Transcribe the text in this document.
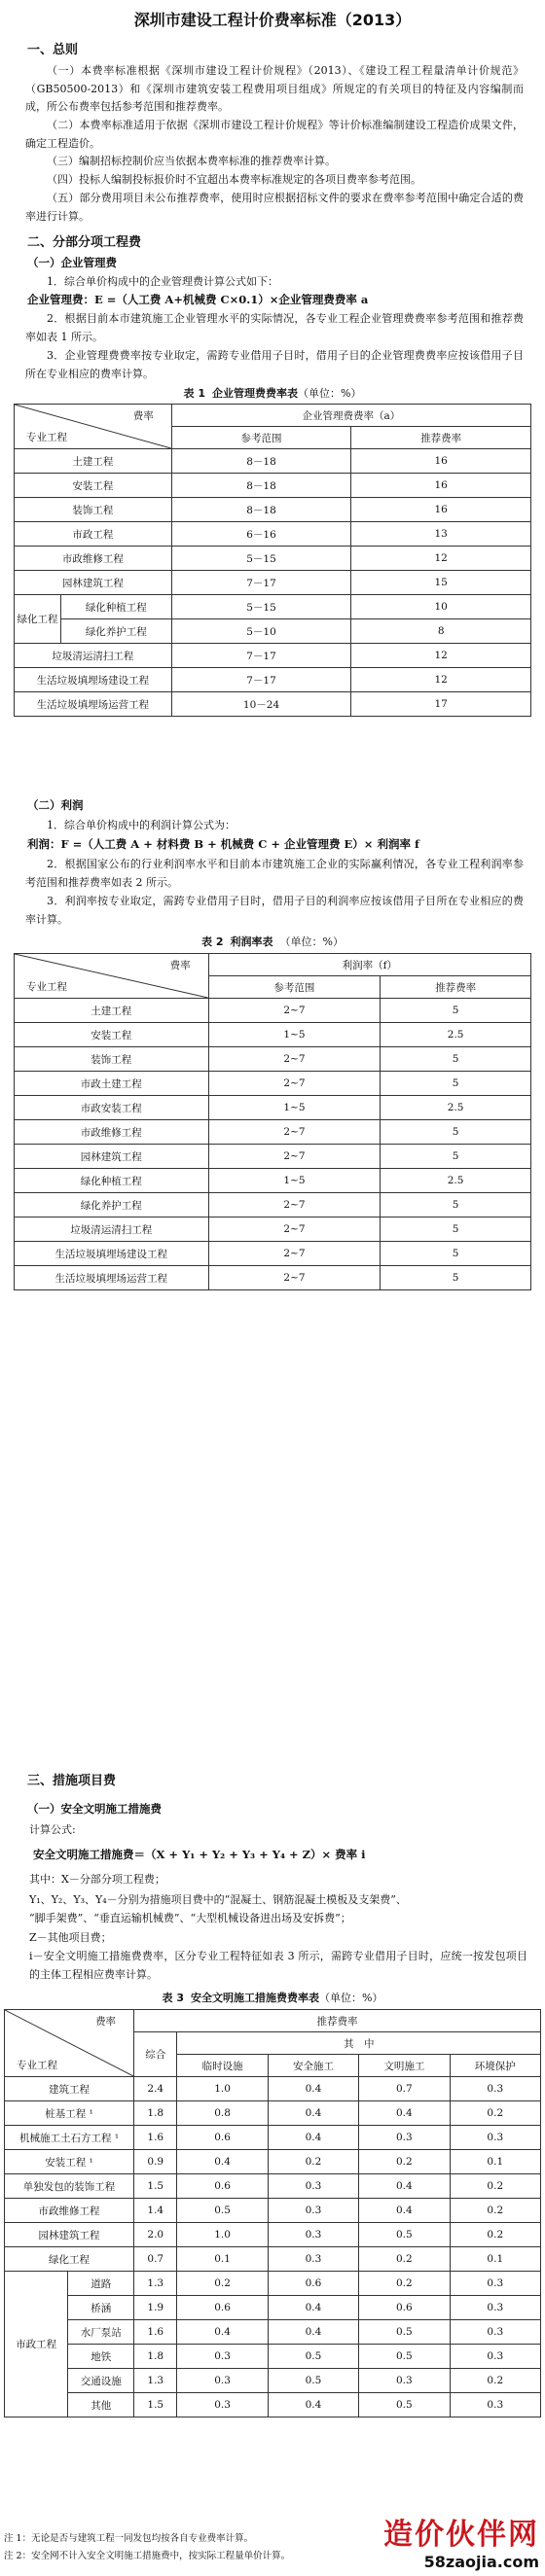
深圳市建设工程计价费率标准（2013）
一、总则
（一）本费率标准根据《深圳市建设工程计价规程》（2013）、《建设工程工程量清单计价规范》（GB50500-2013）和《深圳市建筑安装工程费用项目组成》所规定的有关项目的特征及内容编制而成，所公布费率包括参考范围和推荐费率。
（二）本费率标准适用于依据《深圳市建设工程计价规程》等计价标准编制建设工程造价成果文件，确定工程造价。
（三）编制招标控制价应当依据本费率标准的推荐费率计算。
（四）投标人编制投标报价时不宜超出本费率标准规定的各项目费率参考范围。
（五）部分费用项目未公布推荐费率，使用时应根据招标文件的要求在费率参考范围中确定合适的费率进行计算。
二、分部分项工程费
（一）企业管理费
1．综合单价构成中的企业管理费计算公式如下：
企业管理费：E =（人工费 A+机械费 C×0.1）×企业管理费费率 a
2．根据目前本市建筑施工企业管理水平的实际情况，各专业工程企业管理费费率参考范围和推荐费率如表 1 所示。
3．企业管理费费率按专业取定，需跨专业借用子目时，借用子目的企业管理费费率应按该借用子目所在专业相应的费率计算。
表 1 企业管理费费率表（单位：%）
费率
专业工程		企业管理费费率（a）	
		参考范围	推荐费率
土建工程		8－18	16
安装工程		8－18	16
装饰工程		8－18	16
市政工程		6－16	13
市政维修工程		5－15	12
园林建筑工程		7－17	15
绿化工程	绿化种植工程	5－15	10
	绿化养护工程	5－10	8
垃圾清运清扫工程		7－17	12
生活垃圾填埋场建设工程		7－17	12
生活垃圾填埋场运营工程		10－24	17
（二）利润
1．综合单价构成中的利润计算公式为：
利润：F =（人工费 A + 材料费 B + 机械费 C + 企业管理费 E）× 利润率 f
2．根据国家公布的行业利润率水平和目前本市建筑施工企业的实际赢利情况，各专业工程利润率参考范围和推荐费率如表 2 所示。
3．利润率按专业取定，需跨专业借用子目时，借用子目的利润率应按该借用子目所在专业相应的费率计算。
表 2 利润率表 （单位：%）
费率
专业工程	利润率（f）	
	参考范围	推荐费率
土建工程	2~7	5
安装工程	1~5	2.5
装饰工程	2~7	5
市政土建工程	2~7	5
市政安装工程	1~5	2.5
市政维修工程	2~7	5
园林建筑工程	2~7	5
绿化种植工程	1~5	2.5
绿化养护工程	2~7	5
垃圾清运清扫工程	2~7	5
生活垃圾填埋场建设工程	2~7	5
生活垃圾填埋场运营工程	2~7	5
三、措施项目费
（一）安全文明施工措施费
计算公式:
安全文明施工措施费＝（X + Y₁ + Y₂ + Y₃ + Y₄ + Z）× 费率 i
其中：X－分部分项工程费；
Y₁、Y₂、Y₃、Y₄－分别为措施项目费中的“混凝土、钢筋混凝土模板及支架费”、
“脚手架费”、“垂直运输机械费”、“大型机械设备进出场及安拆费”；
Z－其他项目费；
i－安全文明施工措施费费率，区分专业工程特征如表 3 所示，需跨专业借用子目时，应统一按发包项目的主体工程相应费率计算。
表 3 安全文明施工措施费费率表（单位：%）
费率
专业工程		推荐费率				
		综合	其　中			
			临时设施	安全施工	文明施工	环境保护
建筑工程		2.4	1.0	0.4	0.7	0.3
桩基工程 ¹		1.8	0.8	0.4	0.4	0.2
机械施工土石方工程 ¹		1.6	0.6	0.4	0.3	0.3
安装工程 ¹		0.9	0.4	0.2	0.2	0.1
单独发包的装饰工程		1.5	0.6	0.3	0.4	0.2
市政维修工程		1.4	0.5	0.3	0.4	0.2
园林建筑工程		2.0	1.0	0.3	0.5	0.2
绿化工程		0.7	0.1	0.3	0.2	0.1
市政工程	道路	1.3	0.2	0.6	0.2	0.3
	桥涵	1.9	0.6	0.4	0.6	0.3
	水厂泵站	1.6	0.4	0.4	0.5	0.3
	地铁	1.8	0.3	0.5	0.5	0.3
	交通设施	1.3	0.3	0.5	0.3	0.2
	其他	1.5	0.3	0.4	0.5	0.3
注 1：无论是否与建筑工程一同发包均按各自专业费率计算。
注 2：安全网不计入安全文明施工措施费中，按实际工程量单价计算。
造价伙伴网
58zaojia.com
